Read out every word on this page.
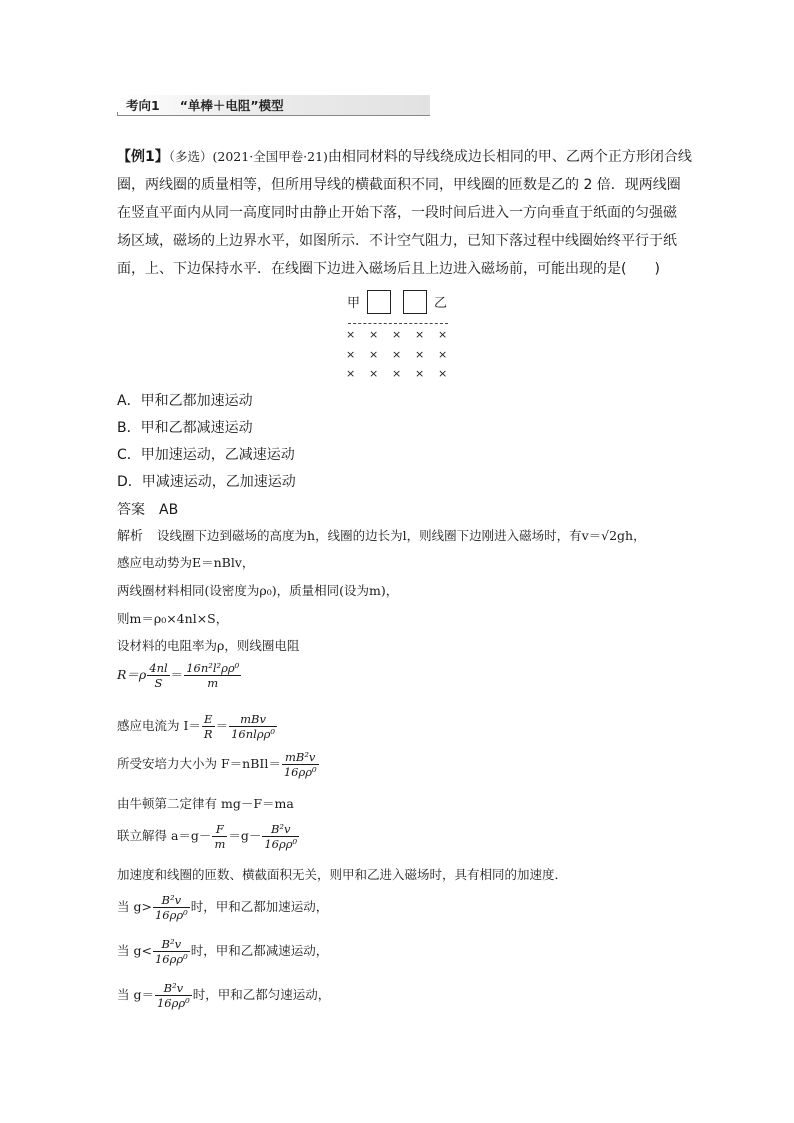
考向1 “单棒＋电阻”模型
【例1】（多选）(2021·全国甲卷·21)由相同材料的导线绕成边长相同的甲、乙两个正方形闭合线
圈，两线圈的质量相等，但所用导线的横截面积不同，甲线圈的匝数是乙的 2 倍．现两线圈
在竖直平面内从同一高度同时由静止开始下落，一段时间后进入一方向垂直于纸面的匀强磁
场区域，磁场的上边界水平，如图所示．不计空气阻力，已知下落过程中线圈始终平行于纸
面，上、下边保持水平．在线圈下边进入磁场后且上边进入磁场前，可能出现的是(　　)
甲	乙
× × × × ×
× × × × ×
× × × × ×
A．甲和乙都加速运动
B．甲和乙都减速运动
C．甲加速运动，乙减速运动
D．甲减速运动，乙加速运动
答案 AB
解析 设线圈下边到磁场的高度为h，线圈的边长为l，则线圈下边刚进入磁场时，有v＝√2gh，
感应电动势为E＝nBlv，
两线圈材料相同(设密度为ρ₀)，质量相同(设为m)，
则m＝ρ₀×4nl×S，
设材料的电阻率为ρ，则线圈电阻
$R=\rho \frac{4nl}{S} = \frac{\text{16n²l²ρρ⁰}}{m}$
感应电流为 $I= \frac{E}{R} = \frac{\text{mBv}}{\text{16nlρρ⁰}}$
所受安培力大小为 F＝nBIl＝ $\frac{\text{mB²v}}{\text{16ρρ⁰}}$
由牛顿第二定律有 mg－F＝ma
联立解得 $a=g- \frac{F}{m} =g- \frac{\text{B²v}}{\text{16ρρ⁰}}$
加速度和线圈的匝数、横截面积无关，则甲和乙进入磁场时，具有相同的加速度．
当 $g> \frac{\text{B²v}}{\text{16ρρ⁰}}$ 时，甲和乙都加速运动，
当 $g< \frac{\text{B²v}}{\text{16ρρ⁰}}$ 时，甲和乙都减速运动，
当 $g= \frac{\text{B²v}}{\text{16ρρ⁰}}$ 时，甲和乙都匀速运动，
